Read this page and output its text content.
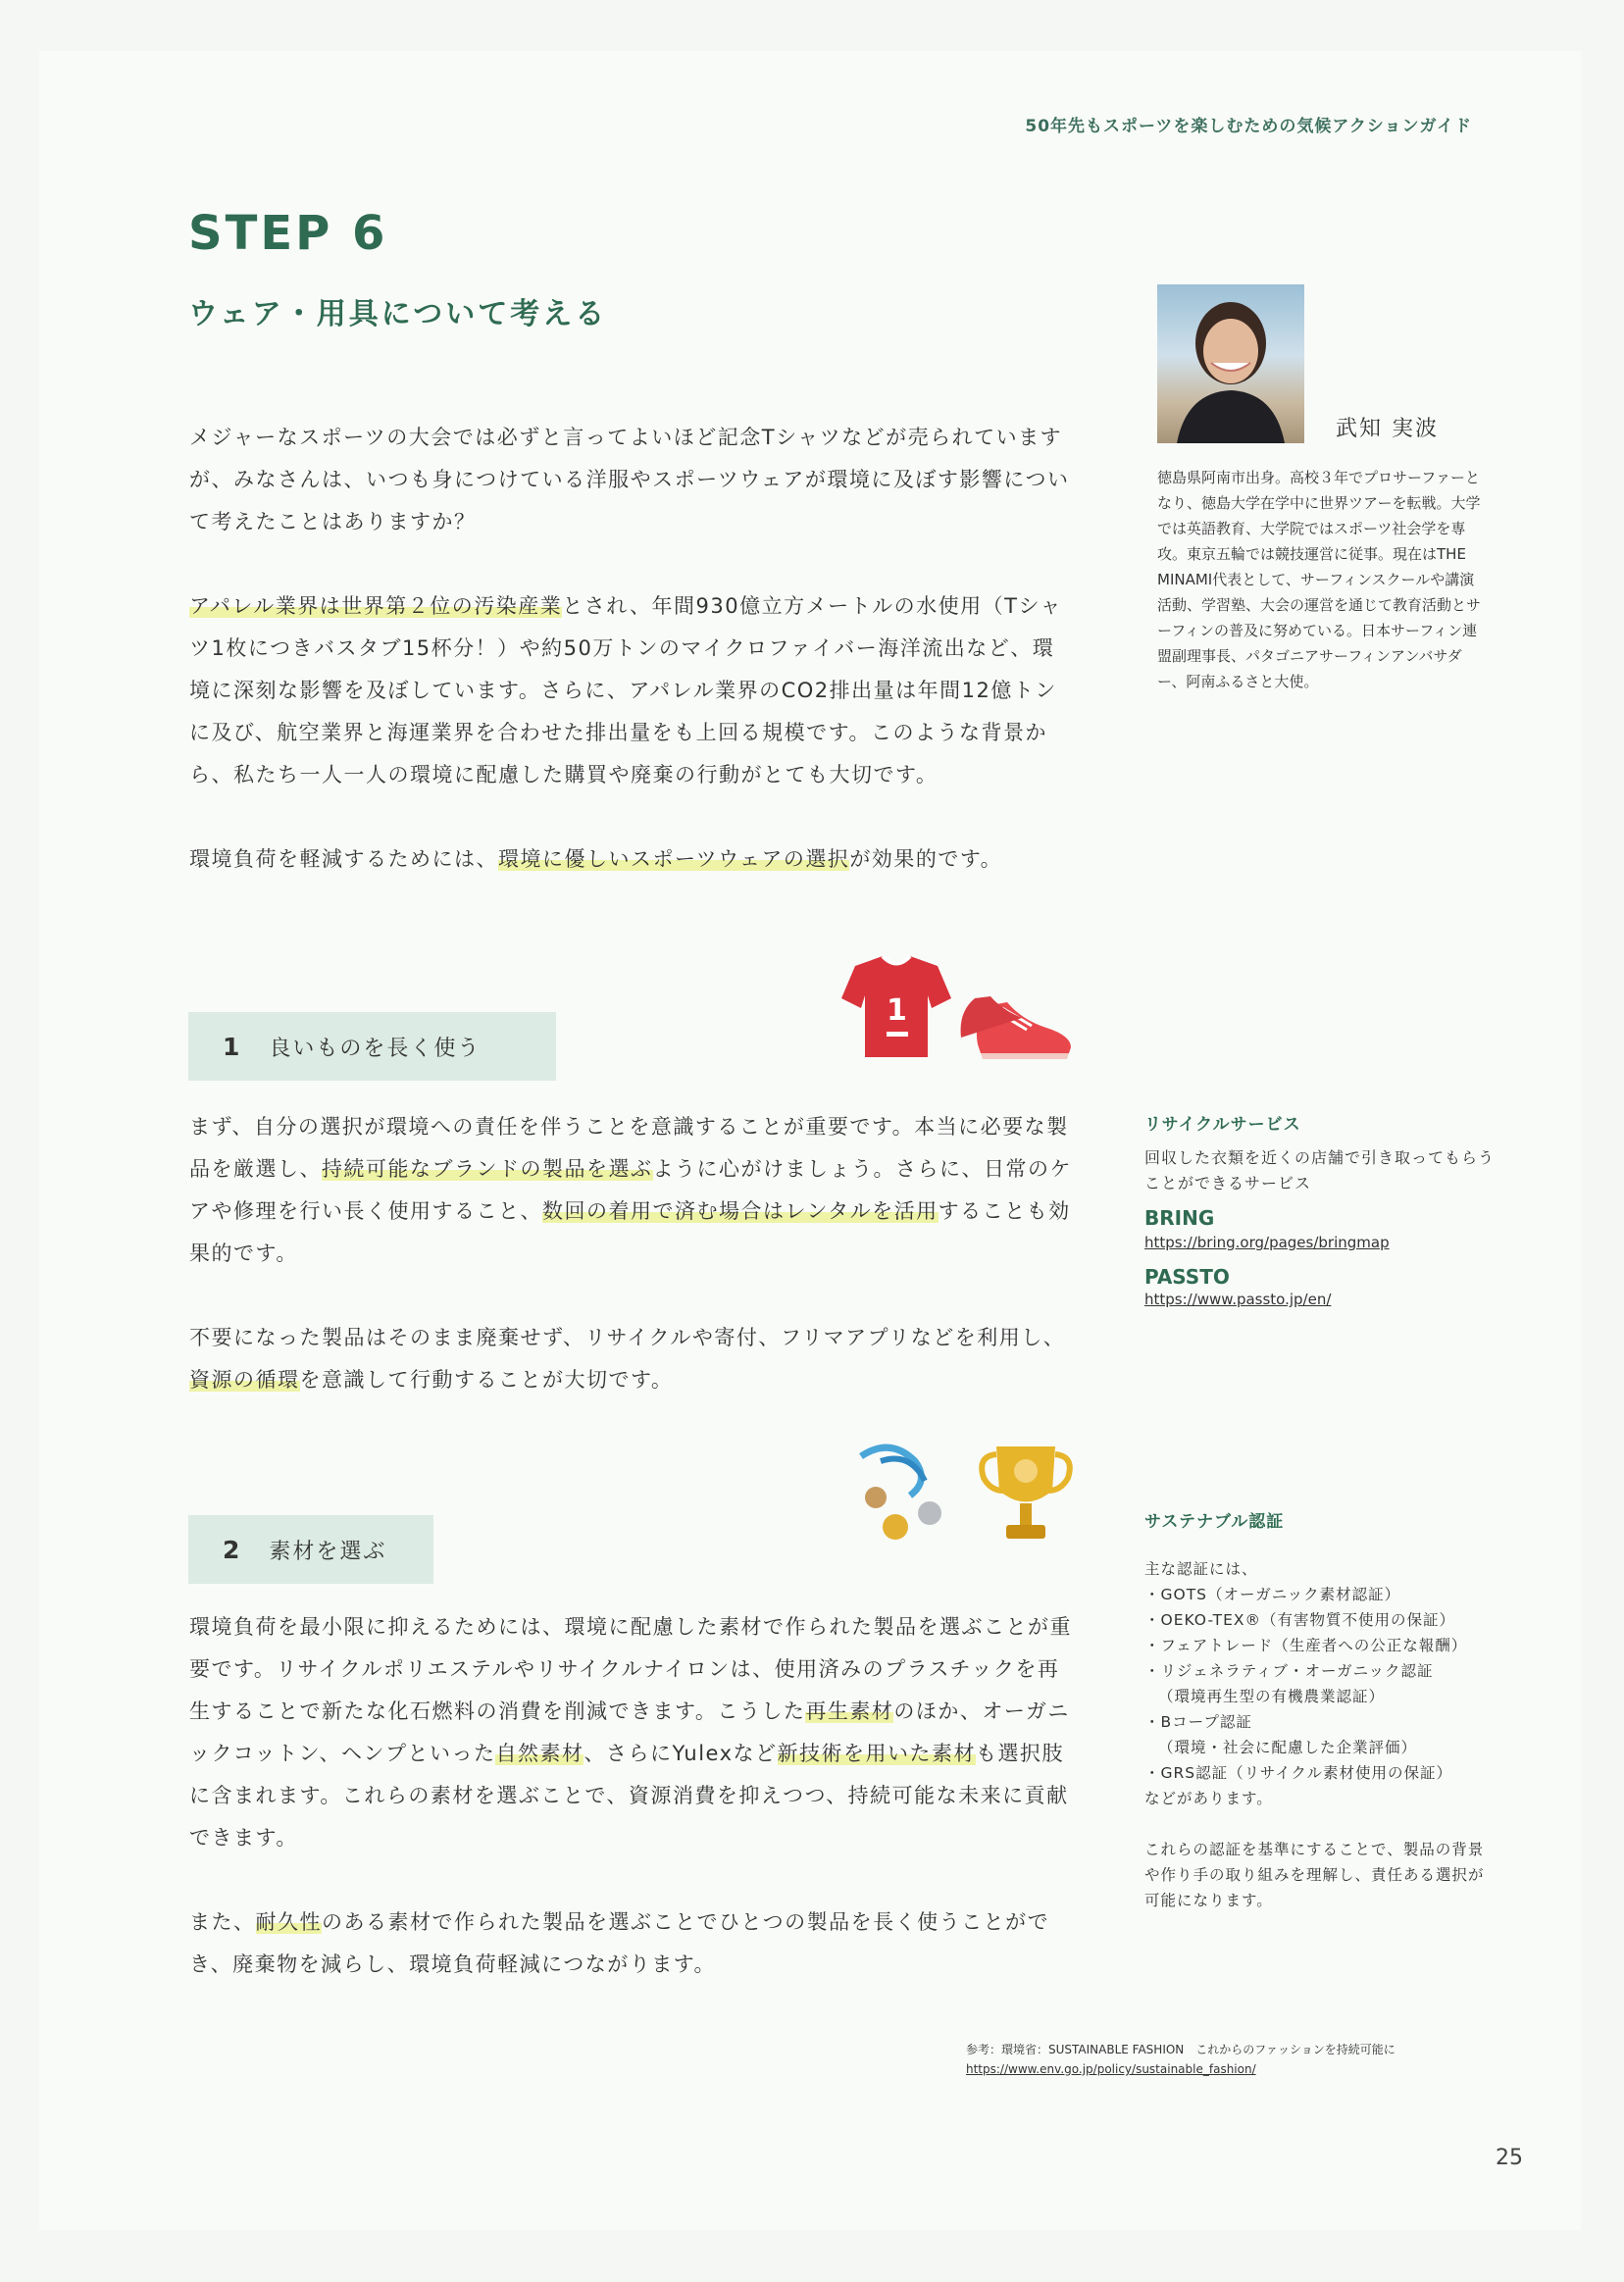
50年先もスポーツを楽しむための気候アクションガイド
STEP 6
ウェア・用具について考える

メジャーなスポーツの大会では必ずと言ってよいほど記念Tシャツなどが売られていますが、みなさんは、いつも身につけている洋服やスポーツウェアが環境に及ぼす影響について考えたことはありますか？

アパレル業界は世界第２位の汚染産業とされ、年間930億立方メートルの水使用（Tシャツ1枚につきバスタブ15杯分！）や約50万トンのマイクロファイバー海洋流出など、環境に深刻な影響を及ぼしています。さらに、アパレル業界のCO2排出量は年間12億トンに及び、航空業界と海運業界を合わせた排出量をも上回る規模です。このような背景から、私たち一人一人の環境に配慮した購買や廃棄の行動がとても大切です。

環境負荷を軽減するためには、環境に優しいスポーツウェアの選択が効果的です。

1
1 良いものを長く使う

まず、自分の選択が環境への責任を伴うことを意識することが重要です。本当に必要な製品を厳選し、持続可能なブランドの製品を選ぶように心がけましょう。さらに、日常のケアや修理を行い長く使用すること、数回の着用で済む場合はレンタルを活用することも効果的です。

不要になった製品はそのまま廃棄せず、リサイクルや寄付、フリマアプリなどを利用し、資源の循環を意識して行動することが大切です。

2 素材を選ぶ

環境負荷を最小限に抑えるためには、環境に配慮した素材で作られた製品を選ぶことが重要です。リサイクルポリエステルやリサイクルナイロンは、使用済みのプラスチックを再生することで新たな化石燃料の消費を削減できます。こうした再生素材のほか、オーガニックコットン、ヘンプといった自然素材、さらにYulexなど新技術を用いた素材も選択肢に含まれます。これらの素材を選ぶことで、資源消費を抑えつつ、持続可能な未来に貢献できます。

また、耐久性のある素材で作られた製品を選ぶことでひとつの製品を長く使うことができ、廃棄物を減らし、環境負荷軽減につながります。

武知 実波
徳島県阿南市出身。高校３年でプロサーファーとなり、徳島大学在学中に世界ツアーを転戦。大学では英語教育、大学院ではスポーツ社会学を専攻。東京五輪では競技運営に従事。現在はTHE MINAMI代表として、サーフィンスクールや講演活動、学習塾、大会の運営を通じて教育活動とサーフィンの普及に努めている。日本サーフィン連盟副理事長、パタゴニアサーフィンアンバサダー、阿南ふるさと大使。
リサイクルサービス
回収した衣類を近くの店舗で引き取ってもらうことができるサービス
BRING
https://bring.org/pages/bringmap
PASSTO
https://www.passto.jp/en/
サステナブル認証
主な認証には、
・GOTS（オーガニック素材認証）
・OEKO-TEX®（有害物質不使用の保証）
・フェアトレード（生産者への公正な報酬）
・リジェネラティブ・オーガニック認証
（環境再生型の有機農業認証）
・Bコープ認証
（環境・社会に配慮した企業評価）
・GRS認証（リサイクル素材使用の保証）
などがあります。
これらの認証を基準にすることで、製品の背景や作り手の取り組みを理解し、責任ある選択が可能になります。
参考：環境省：SUSTAINABLE FASHION　これからのファッションを持続可能に
https://www.env.go.jp/policy/sustainable_fashion/
25
